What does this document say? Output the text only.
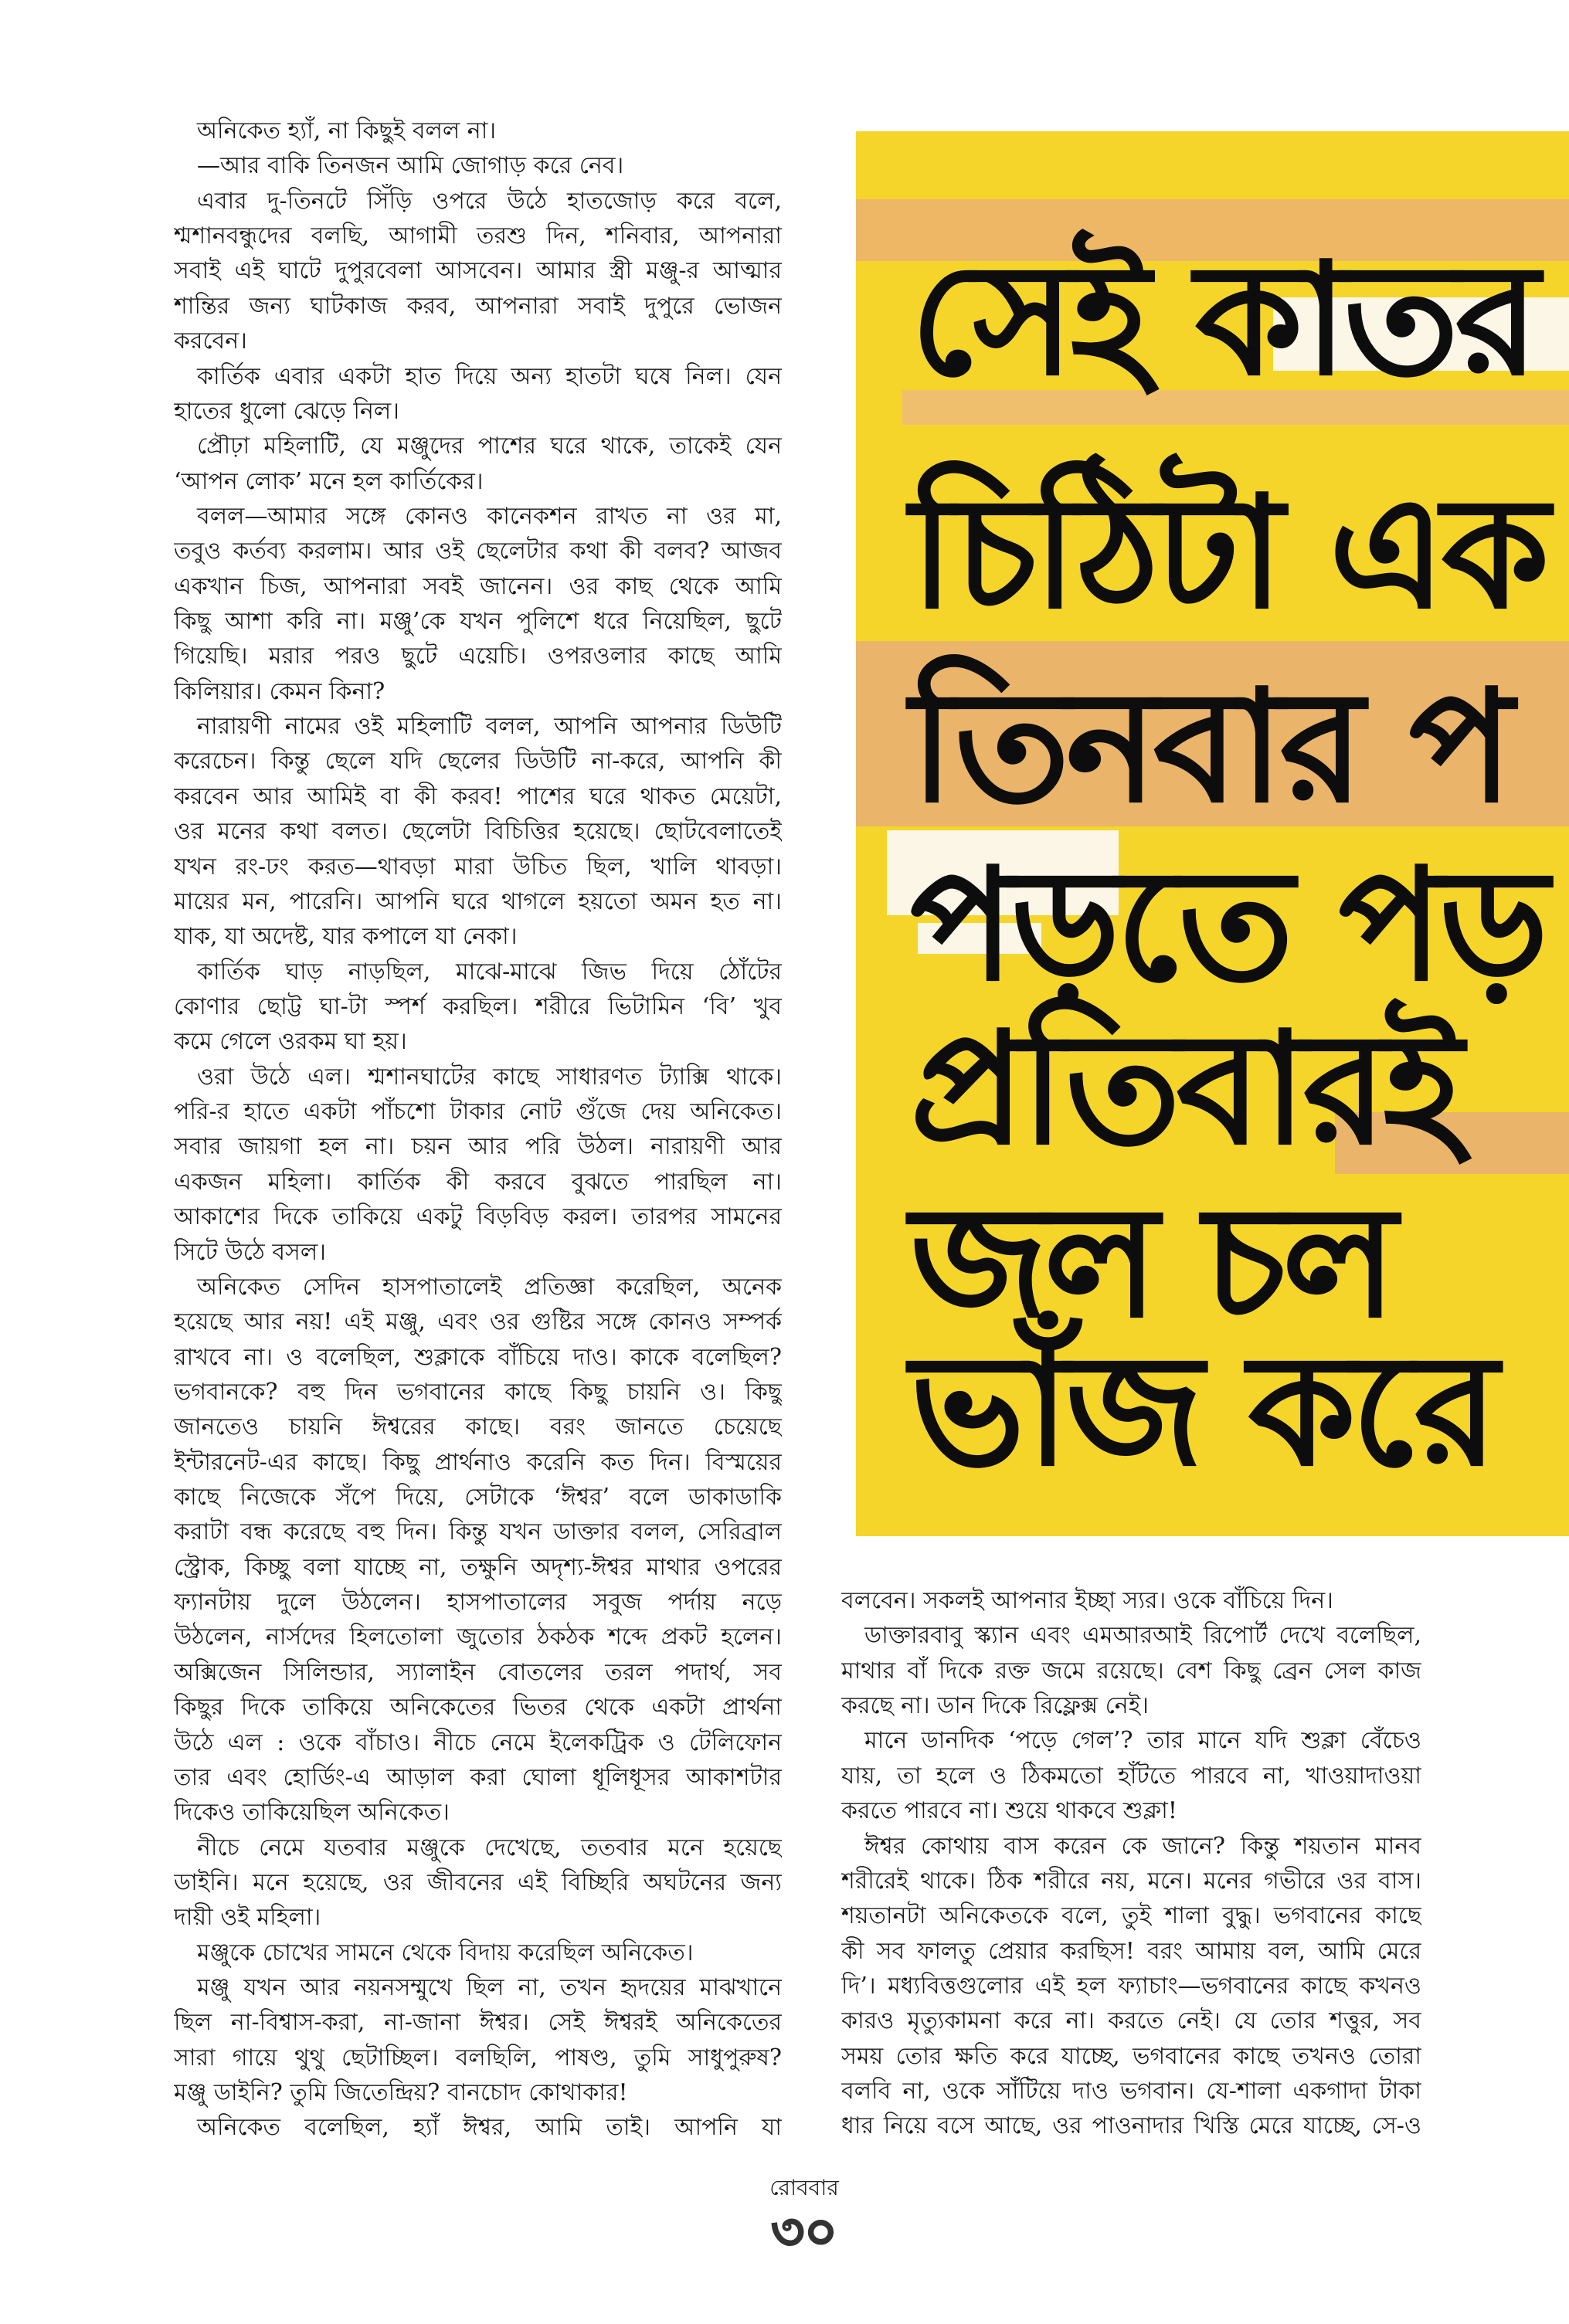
অনিকেত হ্যাঁ, না কিছুই বলল না।
—আর বাকি তিনজন আমি জোগাড় করে নেব।
এবার দু-তিনটে সিঁড়ি ওপরে উঠে হাতজোড় করে বলে,
শ্মশানবন্ধুদের বলছি, আগামী তরশু দিন, শনিবার, আপনারা
সবাই এই ঘাটে দুপুরবেলা আসবেন। আমার স্ত্রী মঞ্জু-র আত্মার
শান্তির জন্য ঘাটকাজ করব, আপনারা সবাই দুপুরে ভোজন
করবেন।
কার্তিক এবার একটা হাত দিয়ে অন্য হাতটা ঘষে নিল। যেন
হাতের ধুলো ঝেড়ে নিল।
প্রৌঢ়া মহিলাটি, যে মঞ্জুদের পাশের ঘরে থাকে, তাকেই যেন
‘আপন লোক’ মনে হল কার্তিকের।
বলল—আমার সঙ্গে কোনও কানেকশন রাখত না ওর মা,
তবুও কর্তব্য করলাম। আর ওই ছেলেটার কথা কী বলব? আজব
একখান চিজ, আপনারা সবই জানেন। ওর কাছ থেকে আমি
কিছু আশা করি না। মঞ্জু’কে যখন পুলিশে ধরে নিয়েছিল, ছুটে
গিয়েছি। মরার পরও ছুটে এয়েচি। ওপরওলার কাছে আমি
কিলিয়ার। কেমন কিনা?
নারায়ণী নামের ওই মহিলাটি বলল, আপনি আপনার ডিউটি
করেচেন। কিন্তু ছেলে যদি ছেলের ডিউটি না-করে, আপনি কী
করবেন আর আমিই বা কী করব! পাশের ঘরে থাকত মেয়েটা,
ওর মনের কথা বলত। ছেলেটা বিচিত্তির হয়েছে। ছোটবেলাতেই
যখন রং-ঢং করত—থাবড়া মারা উচিত ছিল, খালি থাবড়া।
মায়ের মন, পারেনি। আপনি ঘরে থাগলে হয়তো অমন হত না।
যাক, যা অদেষ্ট, যার কপালে যা নেকা।
কার্তিক ঘাড় নাড়ছিল, মাঝে-মাঝে জিভ দিয়ে ঠোঁটের
কোণার ছোট্ট ঘা-টা স্পর্শ করছিল। শরীরে ভিটামিন ‘বি’ খুব
কমে গেলে ওরকম ঘা হয়।
ওরা উঠে এল। শ্মশানঘাটের কাছে সাধারণত ট্যাক্সি থাকে।
পরি-র হাতে একটা পাঁচশো টাকার নোট গুঁজে দেয় অনিকেত।
সবার জায়গা হল না। চয়ন আর পরি উঠল। নারায়ণী আর
একজন মহিলা। কার্তিক কী করবে বুঝতে পারছিল না।
আকাশের দিকে তাকিয়ে একটু বিড়বিড় করল। তারপর সামনের
সিটে উঠে বসল।
অনিকেত সেদিন হাসপাতালেই প্রতিজ্ঞা করেছিল, অনেক
হয়েছে আর নয়! এই মঞ্জু, এবং ওর গুষ্টির সঙ্গে কোনও সম্পর্ক
রাখবে না। ও বলেছিল, শুক্লাকে বাঁচিয়ে দাও। কাকে বলেছিল?
ভগবানকে? বহু দিন ভগবানের কাছে কিছু চায়নি ও। কিছু
জানতেও চায়নি ঈশ্বরের কাছে। বরং জানতে চেয়েছে
ইন্টারনেট-এর কাছে। কিছু প্রার্থনাও করেনি কত দিন। বিস্ময়ের
কাছে নিজেকে সঁপে দিয়ে, সেটাকে ‘ঈশ্বর’ বলে ডাকাডাকি
করাটা বন্ধ করেছে বহু দিন। কিন্তু যখন ডাক্তার বলল, সেরিব্রাল
স্ট্রোক, কিচ্ছু বলা যাচ্ছে না, তক্ষুনি অদৃশ্য-ঈশ্বর মাথার ওপরের
ফ্যানটায় দুলে উঠলেন। হাসপাতালের সবুজ পর্দায় নড়ে
উঠলেন, নার্সদের হিলতোলা জুতোর ঠকঠক শব্দে প্রকট হলেন।
অক্সিজেন সিলিন্ডার, স্যালাইন বোতলের তরল পদার্থ, সব
কিছুর দিকে তাকিয়ে অনিকেতের ভিতর থেকে একটা প্রার্থনা
উঠে এল : ওকে বাঁচাও। নীচে নেমে ইলেকট্রিক ও টেলিফোন
তার এবং হোর্ডিং-এ আড়াল করা ঘোলা ধূলিধূসর আকাশটার
দিকেও তাকিয়েছিল অনিকেত।
নীচে নেমে যতবার মঞ্জুকে দেখেছে, ততবার মনে হয়েছে
ডাইনি। মনে হয়েছে, ওর জীবনের এই বিচ্ছিরি অঘটনের জন্য
দায়ী ওই মহিলা।
মঞ্জুকে চোখের সামনে থেকে বিদায় করেছিল অনিকেত।
মঞ্জু যখন আর নয়নসম্মুখে ছিল না, তখন হৃদয়ের মাঝখানে
ছিল না-বিশ্বাস-করা, না-জানা ঈশ্বর। সেই ঈশ্বরই অনিকেতের
সারা গায়ে থুথু ছেটাচ্ছিল। বলছিলি, পাষণ্ড, তুমি সাধুপুরুষ?
মঞ্জু ডাইনি? তুমি জিতেন্দ্রিয়? বানচোদ কোথাকার!
অনিকেত বলেছিল, হ্যাঁ ঈশ্বর, আমি তাই। আপনি যা
সেই কাতর
চিঠিটা এক
তিনবার প
পড়তে পড়
প্রতিবারই
জল চল
ভাঁজ করে
বলবেন। সকলই আপনার ইচ্ছা স্যর। ওকে বাঁচিয়ে দিন।
ডাক্তারবাবু স্ক্যান এবং এমআরআই রিপোর্ট দেখে বলেছিল,
মাথার বাঁ দিকে রক্ত জমে রয়েছে। বেশ কিছু ব্রেন সেল কাজ
করছে না। ডান দিকে রিফ্লেক্স নেই।
মানে ডানদিক ‘পড়ে গেল’? তার মানে যদি শুক্লা বেঁচেও
যায়, তা হলে ও ঠিকমতো হাঁটতে পারবে না, খাওয়াদাওয়া
করতে পারবে না। শুয়ে থাকবে শুক্লা!
ঈশ্বর কোথায় বাস করেন কে জানে? কিন্তু শয়তান মানব
শরীরেই থাকে। ঠিক শরীরে নয়, মনে। মনের গভীরে ওর বাস।
শয়তানটা অনিকেতকে বলে, তুই শালা বুদ্ধু। ভগবানের কাছে
কী সব ফালতু প্রেয়ার করছিস! বরং আমায় বল, আমি মেরে
দি’। মধ্যবিত্তগুলোর এই হল ফ্যাচাং—ভগবানের কাছে কখনও
কারও মৃত্যুকামনা করে না। করতে নেই। যে তোর শত্তুর, সব
সময় তোর ক্ষতি করে যাচ্ছে, ভগবানের কাছে তখনও তোরা
বলবি না, ওকে সাঁটিয়ে দাও ভগবান। যে-শালা একগাদা টাকা
ধার নিয়ে বসে আছে, ওর পাওনাদার খিস্তি মেরে যাচ্ছে, সে-ও
রোববার
৩০
